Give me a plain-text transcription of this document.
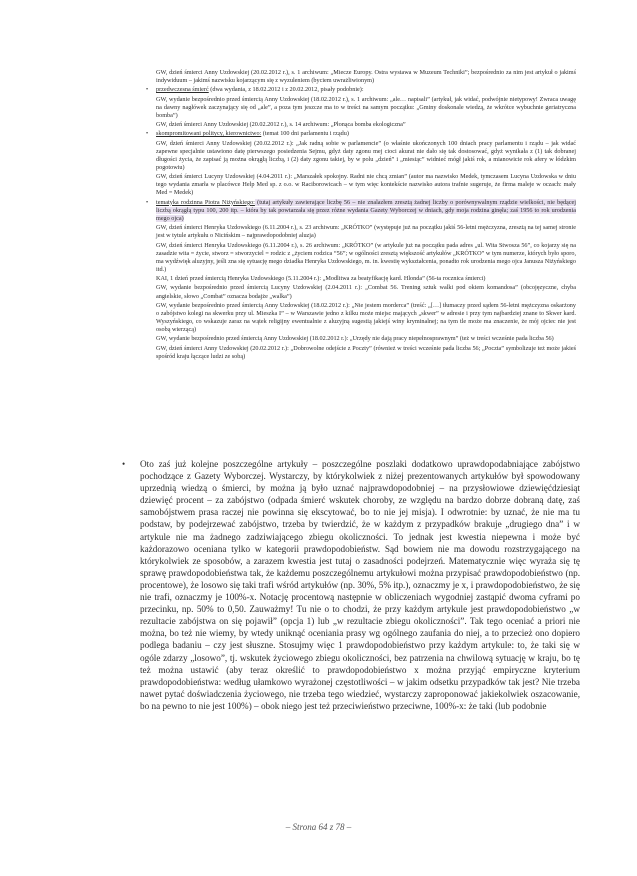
GW, dzień śmierci Anny Uzdowskiej (20.02.2012 r.), s. 1 archiwum: „Miecze Europy. Ostra wystawa w Muzeum Techniki”; bezpośrednio za nim jest artykuł o jakimś indywiduum – jakimś nazwisku kojarzącym się z wyzuleniem (byciem uwrażliwionym)

• przedwczesna śmierć (dwa wydania, z 18.02.2012 i z 20.02.2012, pisały podobnie):

GW, wydanie bezpośrednio przed śmiercią Anny Uzdowskiej (18.02.2012 r.), s. 1 archiwum: „ale… napisali” (artykuł, jak widać, podwójnie nietypowy! Zwraca uwagę na dawny nagłówek zaczynający się od „ale”, a poza tym jeszcze ma to w treści na samym początku: „Gminy doskonale wiedzą, że wkrótce wybuchnie geriatryczna bomba”)

GW, dzień śmierci Anny Uzdowskiej (20.02.2012 r.), s. 14 archiwum: „Płonąca bomba ekologiczna”

• skompromitowani politycy, kierownictwo: (temat 100 dni parlamentu i rządu)

GW, dzień śmierci Anny Uzdowskiej (20.02.2012 r.): „Jak radną sobie w parlamencie” (o właśnie ukończonych 100 dniach pracy parlamentu i rządu – jak widać zapewne specjalnie ustawiono datę pierwszego posiedzenia Sejmu, gdyż daty zgonu mej cioci akurat nie dało się tak dostosować, gdyż wynikała z (1) tak dobranej długości życia, że zapisać ją można okrągłą liczbą, i (2) daty zgonu takiej, by w polu „dzień” i „miesiąc” widnieć mógł jakiś rok, a mianowicie rok afery w łódzkim pogotowiu)

GW, dzień śmierci Lucyny Uzdowskiej (4.04.2011 r.): „Marszałek spokojny. Radni nie chcą zmian” (autor ma nazwisko Medek, tymczasem Lucyna Uzdowska w dniu tego wydania zmarła w placówce Help Med sp. z o.o. w Raciborowicach – w tym więc kontekście nazwisko autora trafnie sugeruje, że firma maleje w oczach: mały Med = Medek)

• tematyka rodzinna Piotra Niżyńskiego: (tutaj artykuły zawierające liczbę 56 – nie znalazłem zresztą żadnej liczby o porównywalnym rządzie wielkości, nie będącej liczbą okrągłą typu 100, 200 itp. – która by tak powtarzała się przez różne wydania Gazety Wyborczej w dniach, gdy moja rodzina ginęła; zaś 1956 to rok urodzenia mego ojca)

GW, dzień śmierci Henryka Uzdowskiego (6.11.2004 r.), s. 23 archiwum: „KRÓTKO” (występuje już na początku jakiś 56-letni mężczyzna, zresztą na tej samej stronie jest w tytule artykułu o Nicińskim – najprawdopodobniej aluzja)

GW, dzień śmierci Henryka Uzdowskiego (6.11.2004 r.), s. 26 archiwum: „KRÓTKO” (w artykule już na początku pada adres „ul. Wita Stwosza 56”, co kojarzy się na zasadzie wita = życie, stworz = stworzyciel = rodzic z „życiem rodzica “56”; w ogólności zresztą większość artykułów „KRÓTKO” w tym numerze, których było sporo, ma wydźwięk aluzyjny, jeśli zna się sytuację mego dziadka Henryka Uzdowskiego, m. in. kwestię wykształcenia, ponadto rok urodzenia mego ojca Janusza Niżyńskiego itd.)

KAI, 1 dzień przed śmiercią Henryka Uzdowskiego (5.11.2004 r.): „Modlitwa za beatyfikację kard. Hlonda” (56-ta rocznica śmierci)

GW, wydanie bezpośrednio przed śmiercią Lucyny Uzdowskiej (2.04.2011 r.): „Combat 56. Trening sztuk walki pod okiem komandosa” (obcojęzyczne, chyba angielskie, słowo „Combat” oznacza bodajże „walka”)

GW, wydanie bezpośrednio przed śmiercią Anny Uzdowskiej (18.02.2012 r.): „Nie jestem morderca” (treść: „[…] tłumaczy przed sądem 56-letni mężczyzna oskarżony o zabójstwo kolegi na skwerku przy ul. Mieszka I” – w Warszawie jedno z kilku może miejsc mających „skwer” w adresie i przy tym najbardziej znane to Skwer kard. Wyszyńskiego, co wskazuje zaraz na wątek religijny ewentualnie z aluzyjną sugestią jakiejś winy kryminalnej; na tym tle może ma znaczenie, że mój ojciec nie jest osobą wierzącą)

GW, wydanie bezpośrednio przed śmiercią Anny Uzdowskiej (18.02.2012 r.): „Urzędy nie dają pracy niepełnosprawnym” (też w treści wcześnie pada liczba 56)

GW, dzień śmierci Anny Uzdowskiej (20.02.2012 r.): „Dobrowolne odejście z Poczty” (również w treści wcześnie pada liczba 56; „Poczta” symbolizuje też może jakieś spośród kraju łączące ludzi ze sobą)

• Oto zaś już kolejne poszczególne artykuły – poszczególne poszlaki dodatkowo uprawdopodabniające zabójstwo pochodzące z Gazety Wyborczej. Wystarczy, by którykolwiek z niżej prezentowanych artykułów był spowodowany uprzednią wiedzą o śmierci, by można ją było uznać najprawdopodobniej – na przysłowiowe dziewięćdziesiąt dziewięć procent – za zabójstwo (odpada śmierć wskutek choroby, ze względu na bardzo dobrze dobraną datę, zaś samobójstwem prasa raczej nie powinna się ekscytować, bo to nie jej misja). I odwrotnie: by uznać, że nie ma tu podstaw, by podejrzewać zabójstwo, trzeba by twierdzić, że w każdym z przypadków brakuje „drugiego dna” i w artykule nie ma żadnego zadziwiającego zbiegu okoliczności. To jednak jest kwestia niepewna i może być każdorazowo oceniana tylko w kategorii prawdopodobieństw. Sąd bowiem nie ma dowodu rozstrzygającego na którykolwiek ze sposobów, a zarazem kwestia jest tutaj o zasadności podejrzeń. Matematycznie więc wyraża się tę sprawę prawdopodobieństwa tak, że każdemu poszczególnemu artykułowi można przypisać prawdopodobieństwo (np. procentowe), że losowo się taki trafi wśród artykułów (np. 30%, 5% itp.), oznaczmy je x, i prawdopodobieństwo, że się nie trafi, oznaczmy je 100%-x. Notację procentową następnie w obliczeniach wygodniej zastąpić dwoma cyframi po przecinku, np. 50% to 0,50. Zauważmy! Tu nie o to chodzi, że przy każdym artykule jest prawdopodobieństwo „w rezultacie zabójstwa on się pojawił” (opcja 1) lub „w rezultacie zbiegu okoliczności”. Tak tego oceniać a priori nie można, bo też nie wiemy, by wtedy uniknąć oceniania prasy wg ogólnego zaufania do niej, a to przecież ono dopiero podlega badaniu – czy jest słuszne. Stosujmy więc 1 prawdopodobieństwo przy każdym artykule: to, że taki się w ogóle zdarzy „losowo”, tj. wskutek życiowego zbiegu okoliczności, bez patrzenia na chwilową sytuację w kraju, bo tę też można ustawić (aby teraz określić to prawdopodobieństwo x można przyjąć empiryczne kryterium prawdopodobieństwa: według ułamkowo wyrażonej częstotliwości – w jakim odsetku przypadków tak jest? Nie trzeba nawet pytać doświadczenia życiowego, nie trzeba tego wiedzieć, wystarczy zaproponować jakiekolwiek oszacowanie, bo na pewno to nie jest 100%) – obok niego jest też przeciwieństwo przeciwne, 100%-x: że taki (lub podobnie
– Strona 64 z 78 –
